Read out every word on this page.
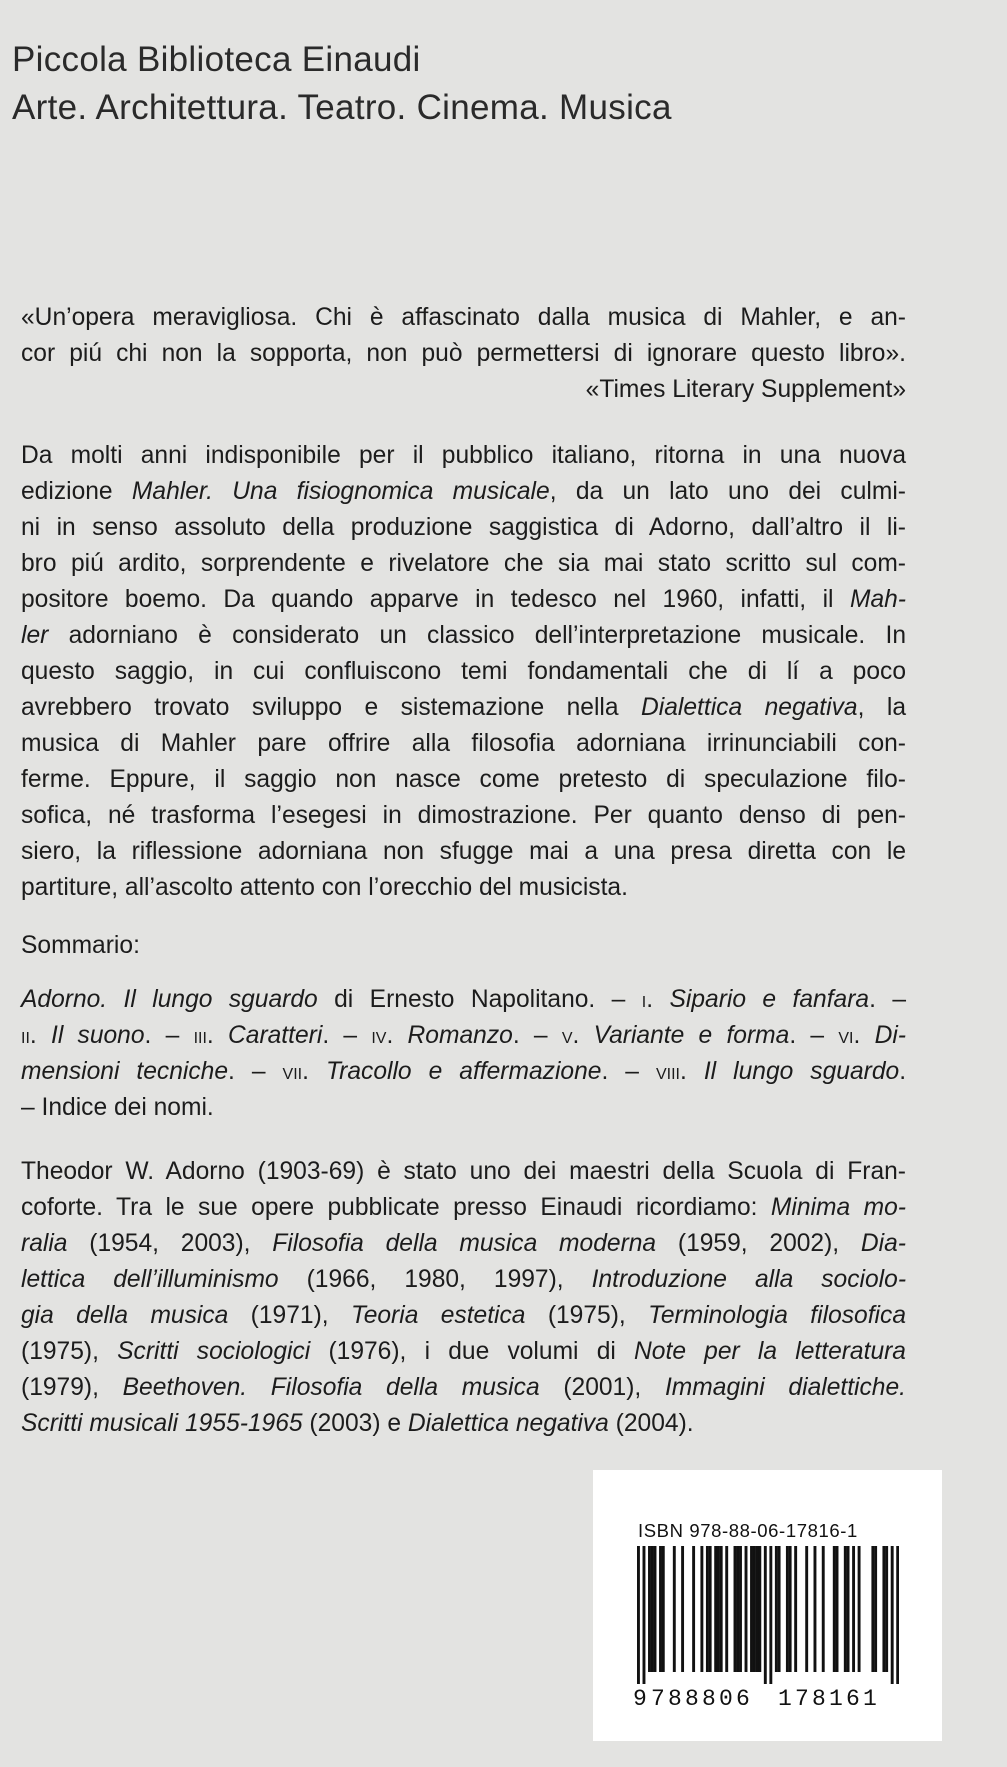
Piccola Biblioteca Einaudi
Arte. Architettura. Teatro. Cinema. Musica
«Un’opera meravigliosa. Chi è affascinato dalla musica di Mahler, e an-
cor piú chi non la sopporta, non può permettersi di ignorare questo libro».
«Times Literary Supplement»
Da molti anni indisponibile per il pubblico italiano, ritorna in una nuova
edizione Mahler. Una fisiognomica musicale, da un lato uno dei culmi-
ni in senso assoluto della produzione saggistica di Adorno, dall’altro il li-
bro piú ardito, sorprendente e rivelatore che sia mai stato scritto sul com-
positore boemo. Da quando apparve in tedesco nel 1960, infatti, il Mah-
ler adorniano è considerato un classico dell’interpretazione musicale. In
questo saggio, in cui confluiscono temi fondamentali che di lí a poco
avrebbero trovato sviluppo e sistemazione nella Dialettica negativa, la
musica di Mahler pare offrire alla filosofia adorniana irrinunciabili con-
ferme. Eppure, il saggio non nasce come pretesto di speculazione filo-
sofica, né trasforma l’esegesi in dimostrazione. Per quanto denso di pen-
siero, la riflessione adorniana non sfugge mai a una presa diretta con le
partiture, all’ascolto attento con l’orecchio del musicista.
Sommario:
Adorno. Il lungo sguardo di Ernesto Napolitano. – i. Sipario e fanfara. –
ii. Il suono. – iii. Caratteri. – iv. Romanzo. – v. Variante e forma. – vi. Di-
mensioni tecniche. – vii. Tracollo e affermazione. – viii. Il lungo sguardo.
– Indice dei nomi.
Theodor W. Adorno (1903-69) è stato uno dei maestri della Scuola di Fran-
coforte. Tra le sue opere pubblicate presso Einaudi ricordiamo: Minima mo-
ralia (1954, 2003), Filosofia della musica moderna (1959, 2002), Dia-
lettica dell’illuminismo (1966, 1980, 1997), Introduzione alla sociolo-
gia della musica (1971), Teoria estetica (1975), Terminologia filosofica
(1975), Scritti sociologici (1976), i due volumi di Note per la letteratura
(1979), Beethoven. Filosofia della musica (2001), Immagini dialettiche.
Scritti musicali 1955-1965 (2003) e Dialettica negativa (2004).
ISBN 978-88-06-17816-1
9 788806 178161
